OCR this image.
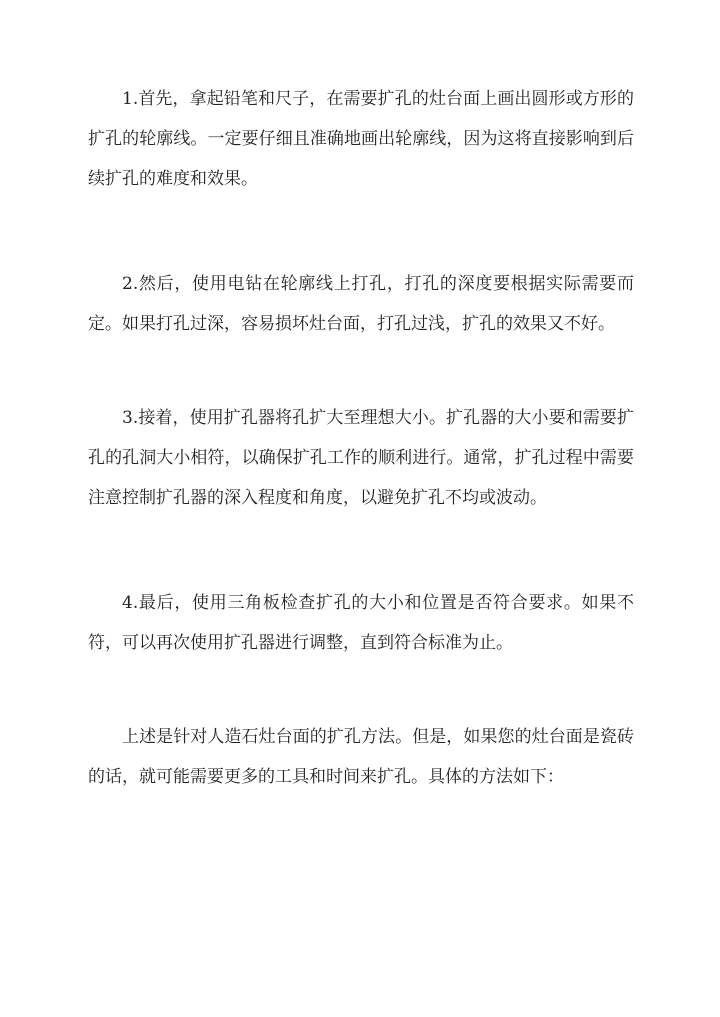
1.首先，拿起铅笔和尺子，在需要扩孔的灶台面上画出圆形或方形的扩孔的轮廓线。一定要仔细且准确地画出轮廓线，因为这将直接影响到后续扩孔的难度和效果。

2.然后，使用电钻在轮廓线上打孔，打孔的深度要根据实际需要而定。如果打孔过深，容易损坏灶台面，打孔过浅，扩孔的效果又不好。

3.接着，使用扩孔器将孔扩大至理想大小。扩孔器的大小要和需要扩孔的孔洞大小相符，以确保扩孔工作的顺利进行。通常，扩孔过程中需要注意控制扩孔器的深入程度和角度，以避免扩孔不均或波动。

4.最后，使用三角板检查扩孔的大小和位置是否符合要求。如果不符，可以再次使用扩孔器进行调整，直到符合标准为止。

上述是针对人造石灶台面的扩孔方法。但是，如果您的灶台面是瓷砖的话，就可能需要更多的工具和时间来扩孔。具体的方法如下：
